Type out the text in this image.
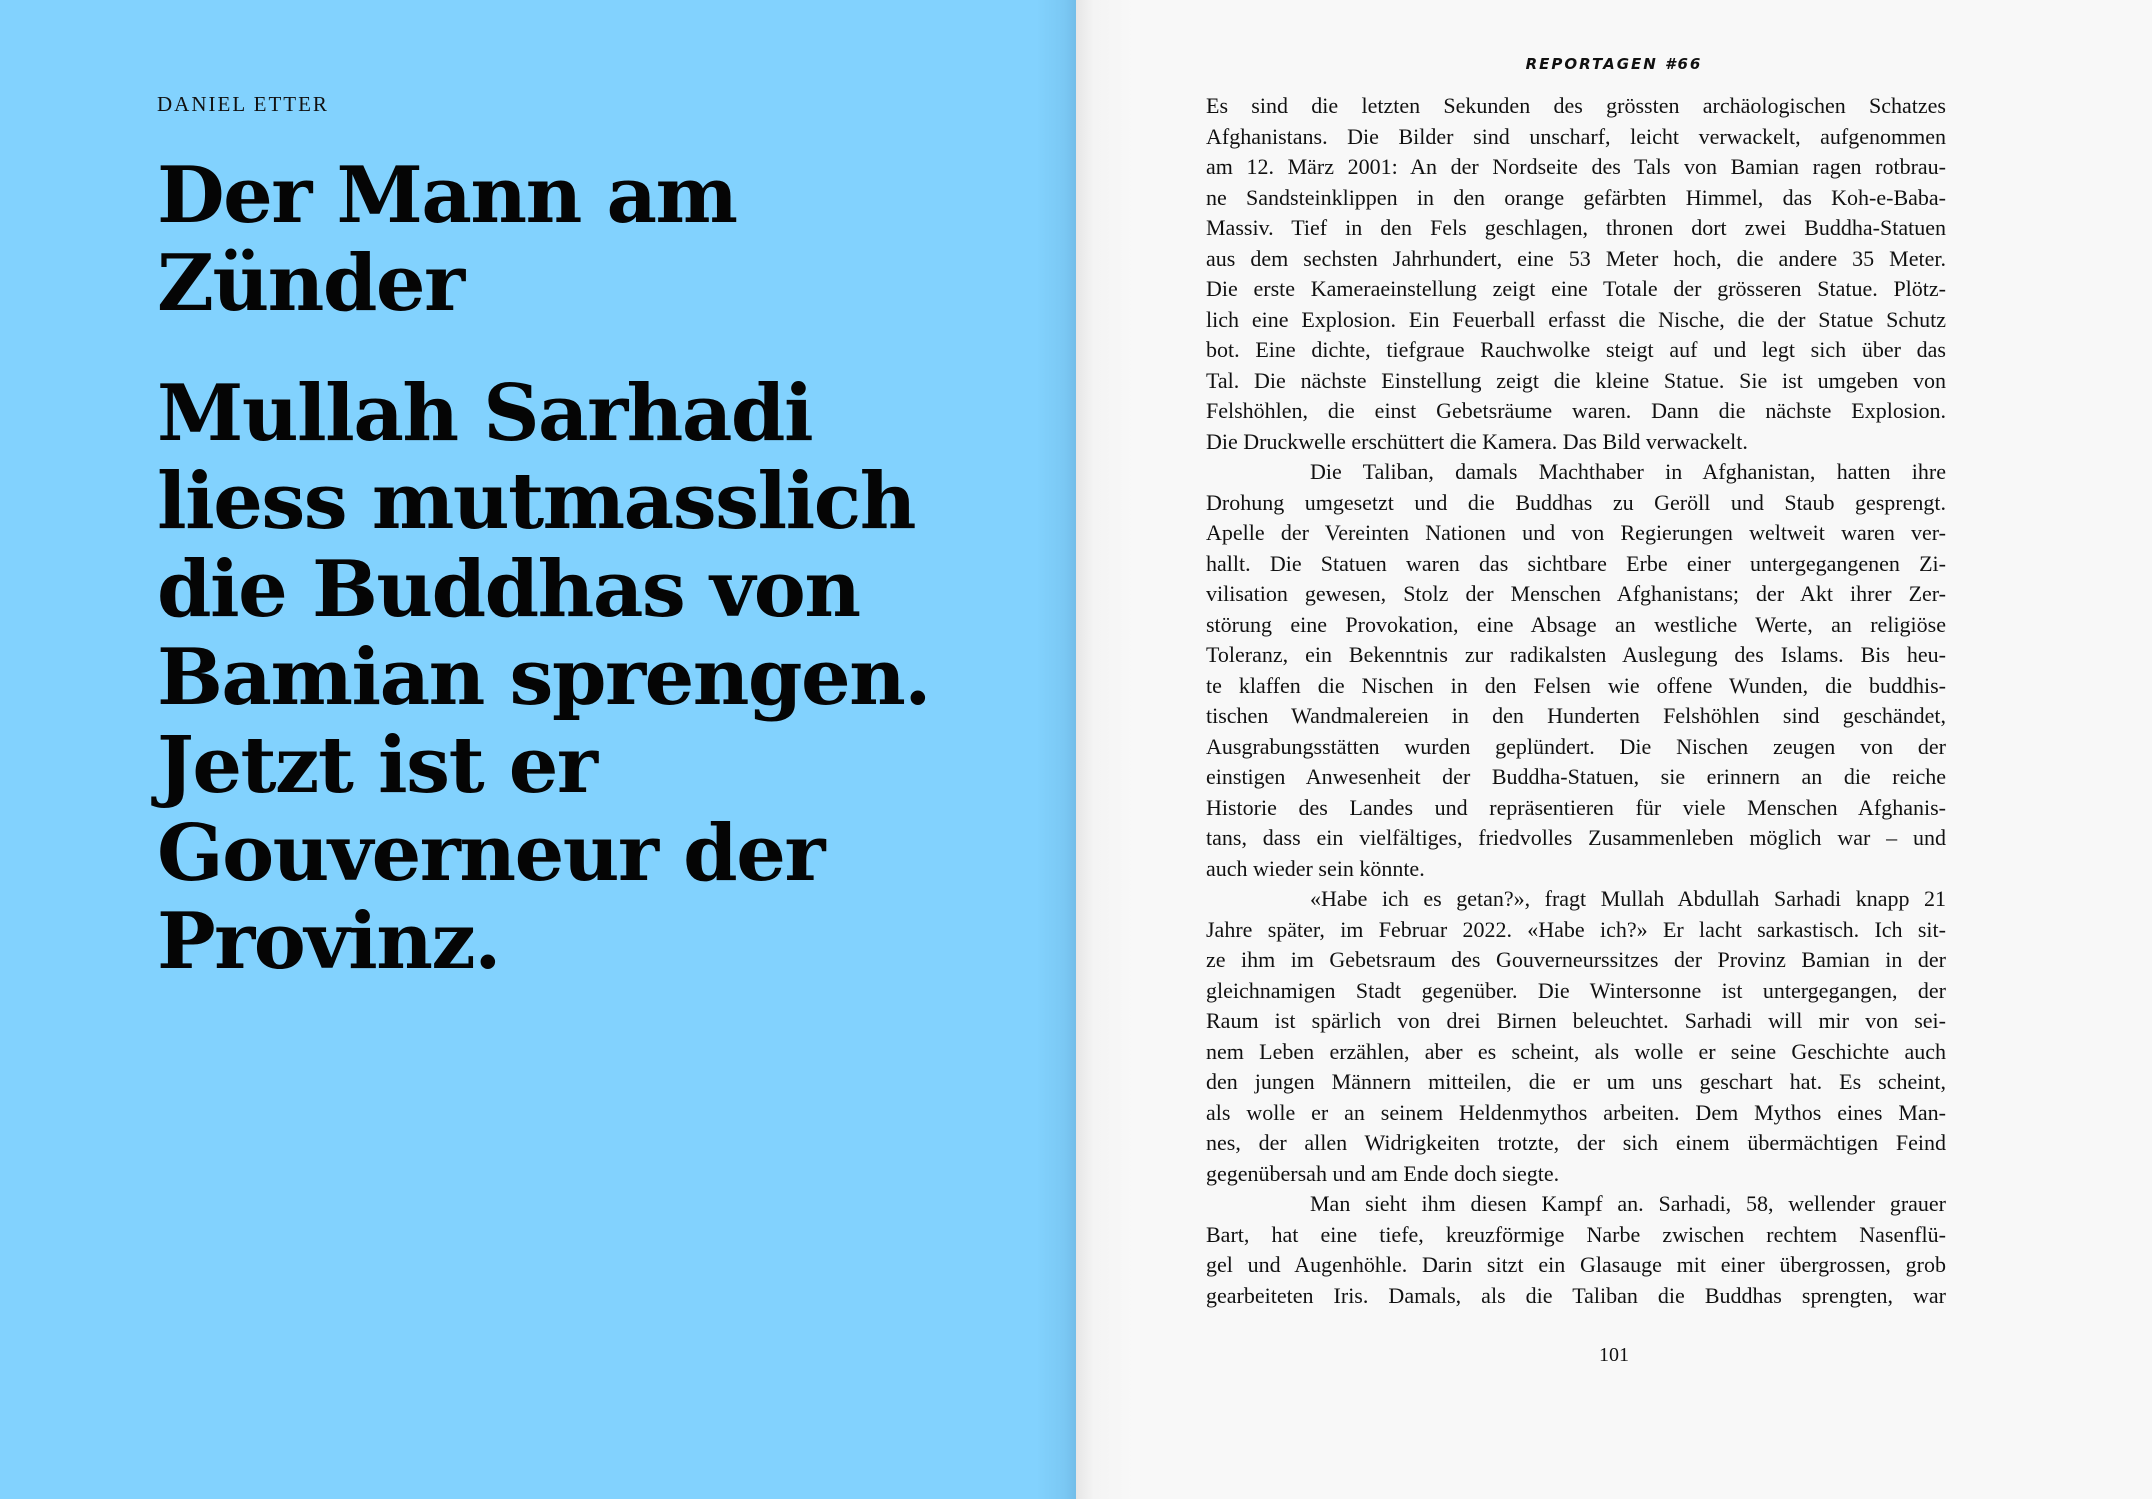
DANIEL ETTER
Der Mann am
Zünder
Mullah Sarhadi
liess mutmasslich
die Buddhas von
Bamian sprengen.
Jetzt ist er
Gouverneur der
Provinz.
REPORTAGEN #66
Es sind die letzten Sekunden des grössten archäologischen Schatzes
Afghanistans. Die Bilder sind unscharf, leicht verwackelt, aufgenommen
am 12. März 2001: An der Nordseite des Tals von Bamian ragen rotbrau-
ne Sandsteinklippen in den orange gefärbten Himmel, das Koh-e-Baba-
Massiv. Tief in den Fels geschlagen, thronen dort zwei Buddha-Statuen
aus dem sechsten Jahrhundert, eine 53 Meter hoch, die andere 35 Meter.
Die erste Kameraeinstellung zeigt eine Totale der grösseren Statue. Plötz-
lich eine Explosion. Ein Feuerball erfasst die Nische, die der Statue Schutz
bot. Eine dichte, tiefgraue Rauchwolke steigt auf und legt sich über das
Tal. Die nächste Einstellung zeigt die kleine Statue. Sie ist umgeben von
Felshöhlen, die einst Gebetsräume waren. Dann die nächste Explosion.
Die Druckwelle erschüttert die Kamera. Das Bild verwackelt.
Die Taliban, damals Machthaber in Afghanistan, hatten ihre
Drohung umgesetzt und die Buddhas zu Geröll und Staub gesprengt.
Apelle der Vereinten Nationen und von Regierungen weltweit waren ver-
hallt. Die Statuen waren das sichtbare Erbe einer untergegangenen Zi-
vilisation gewesen, Stolz der Menschen Afghanistans; der Akt ihrer Zer-
störung eine Provokation, eine Absage an westliche Werte, an religiöse
Toleranz, ein Bekenntnis zur radikalsten Auslegung des Islams. Bis heu-
te klaffen die Nischen in den Felsen wie offene Wunden, die buddhis-
tischen Wandmalereien in den Hunderten Felshöhlen sind geschändet,
Ausgrabungsstätten wurden geplündert. Die Nischen zeugen von der
einstigen Anwesenheit der Buddha-Statuen, sie erinnern an die reiche
Historie des Landes und repräsentieren für viele Menschen Afghanis-
tans, dass ein vielfältiges, friedvolles Zusammenleben möglich war – und
auch wieder sein könnte.
«Habe ich es getan?», fragt Mullah Abdullah Sarhadi knapp 21
Jahre später, im Februar 2022. «Habe ich?» Er lacht sarkastisch. Ich sit-
ze ihm im Gebetsraum des Gouverneurssitzes der Provinz Bamian in der
gleichnamigen Stadt gegenüber. Die Wintersonne ist untergegangen, der
Raum ist spärlich von drei Birnen beleuchtet. Sarhadi will mir von sei-
nem Leben erzählen, aber es scheint, als wolle er seine Geschichte auch
den jungen Männern mitteilen, die er um uns geschart hat. Es scheint,
als wolle er an seinem Heldenmythos arbeiten. Dem Mythos eines Man-
nes, der allen Widrigkeiten trotzte, der sich einem übermächtigen Feind
gegenübersah und am Ende doch siegte.
Man sieht ihm diesen Kampf an. Sarhadi, 58, wellender grauer
Bart, hat eine tiefe, kreuzförmige Narbe zwischen rechtem Nasenflü-
gel und Augenhöhle. Darin sitzt ein Glasauge mit einer übergrossen, grob
gearbeiteten Iris. Damals, als die Taliban die Buddhas sprengten, war
101
